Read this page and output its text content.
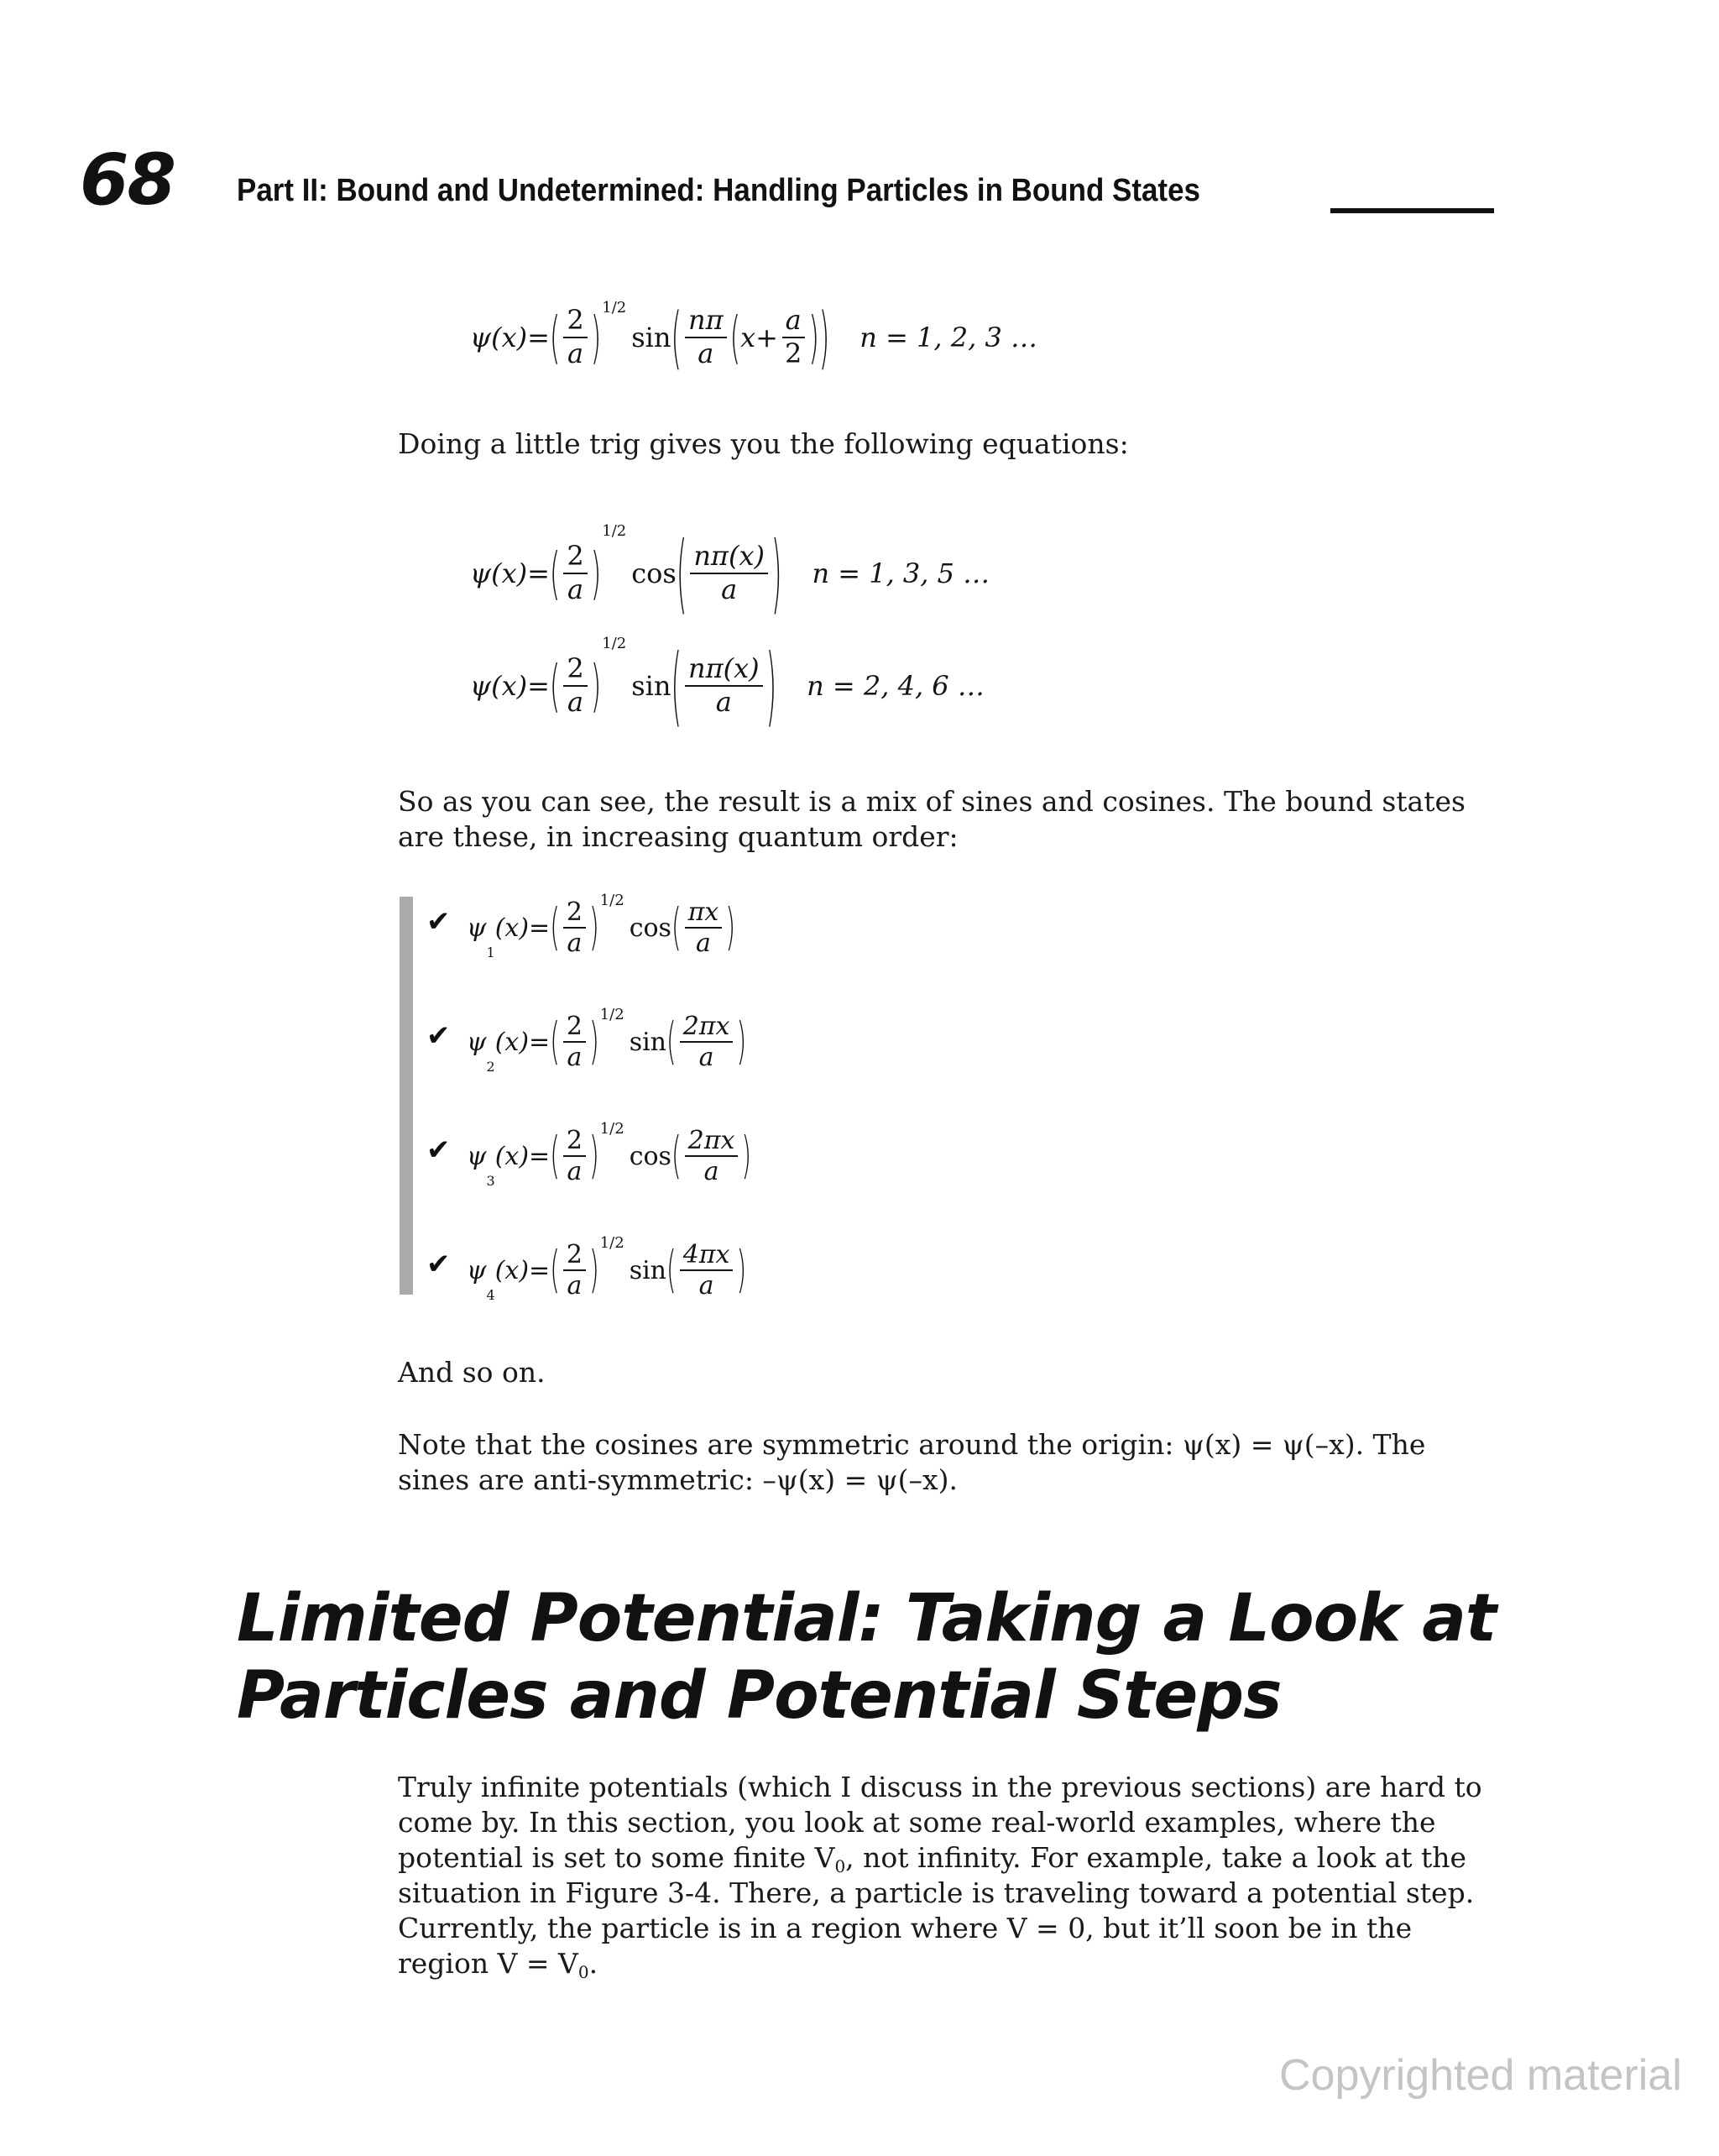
68 Part II: Bound and Undetermined: Handling Particles in Bound States
ψ(x)= ( $\frac{2}{a}$ ) 1/2
sin ( $\frac{n\pi}{a}$ ( $x+ \frac{a}{2}$ ) ) n = 1, 2, 3 …

Doing a little trig gives you the following equations:

ψ(x)= ( $\frac{2}{a}$ )
1/2
cos ( $\frac{n\pi(x)}{a}$ ) n = 1, 3, 5 …
ψ(x)= ( $\frac{2}{a}$ )
1/2
sin ( $\frac{n\pi(x)}{a}$ ) n = 2, 4, 6 …

So as you can see, the result is a mix of sines and cosines. The bound states are these, in increasing quantum order:

✔ ψ
1
(x)= ( $\frac{2}{a}$ ) 1/2
cos ( $\frac{\pi x}{a}$ )
✔ ψ
2
(x)= ( $\frac{2}{a}$ ) 1/2
sin ( $\frac{2\pi x}{a}$ )
✔ ψ
3
(x)= ( $\frac{2}{a}$ ) 1/2
cos ( $\frac{2\pi x}{a}$ )
✔ ψ
4
(x)= ( $\frac{2}{a}$ ) 1/2
sin ( $\frac{4\pi x}{a}$ )

And so on.

Note that the cosines are symmetric around the origin: ψ(x) = ψ(–x). The sines are anti-symmetric: –ψ(x) = ψ(–x).

Limited Potential: Taking a Look at Particles and Potential Steps

Truly infinite potentials (which I discuss in the previous sections) are hard to come by. In this section, you look at some real-world examples, where the potential is set to some finite $V_0$, not infinity. For example, take a look at the situation in Figure 3-4. There, a particle is traveling toward a potential step. Currently, the particle is in a region where V = 0, but it’ll soon be in the region $V = V_0$.

Copyrighted material
